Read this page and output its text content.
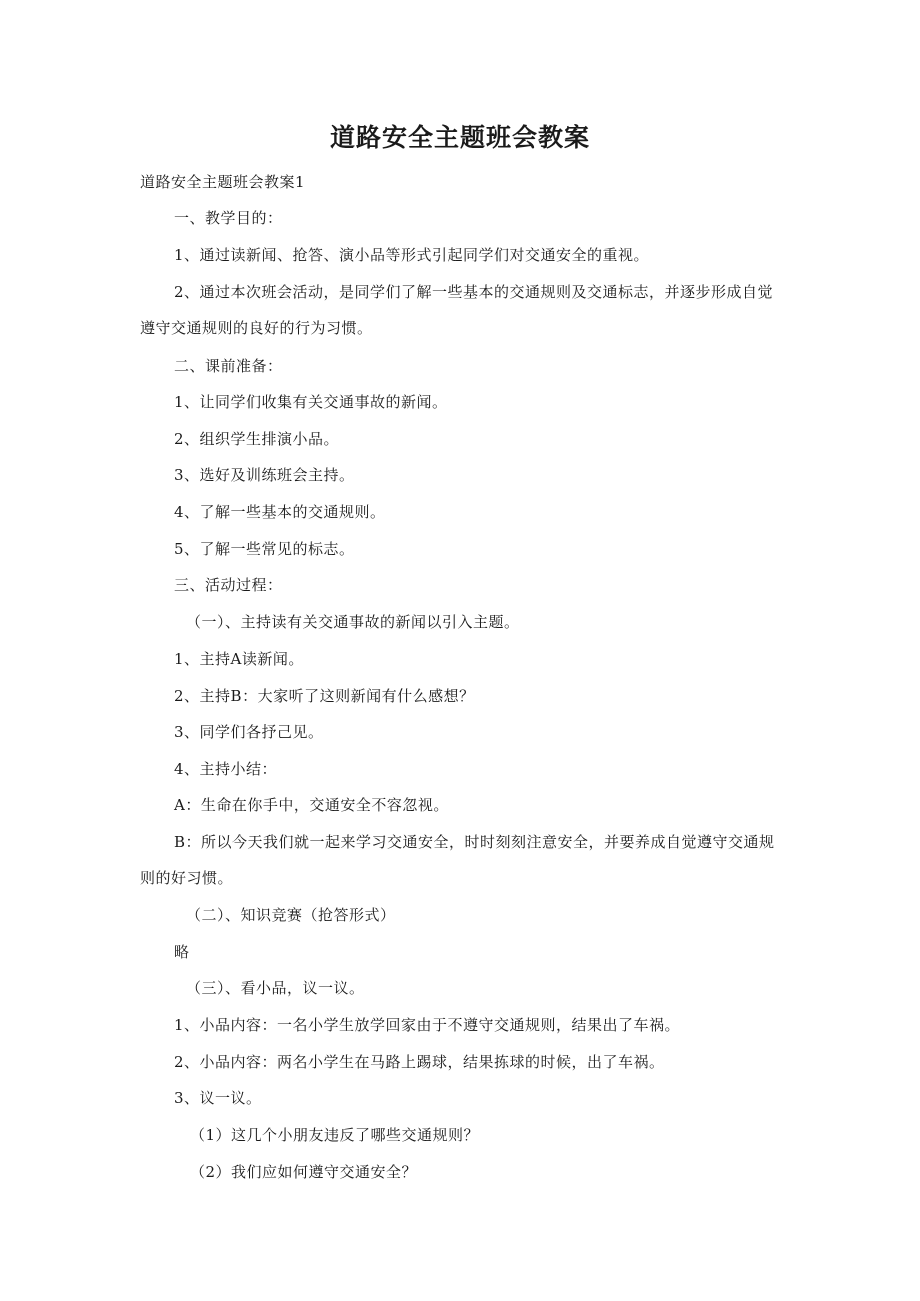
道路安全主题班会教案
道路安全主题班会教案1
一、教学目的：
1、通过读新闻、抢答、演小品等形式引起同学们对交通安全的重视。
2、通过本次班会活动，是同学们了解一些基本的交通规则及交通标志，并逐步形成自觉
遵守交通规则的良好的行为习惯。
二、课前准备：
1、让同学们收集有关交通事故的新闻。
2、组织学生排演小品。
3、选好及训练班会主持。
4、了解一些基本的交通规则。
5、了解一些常见的标志。
三、活动过程：
（一）、主持读有关交通事故的新闻以引入主题。
1、主持A读新闻。
2、主持B：大家听了这则新闻有什么感想？
3、同学们各抒己见。
4、主持小结：
A：生命在你手中，交通安全不容忽视。
B：所以今天我们就一起来学习交通安全，时时刻刻注意安全，并要养成自觉遵守交通规
则的好习惯。
（二）、知识竞赛（抢答形式）
略
（三）、看小品，议一议。
1、小品内容：一名小学生放学回家由于不遵守交通规则，结果出了车祸。
2、小品内容：两名小学生在马路上踢球，结果拣球的时候，出了车祸。
3、议一议。
（1）这几个小朋友违反了哪些交通规则？
（2）我们应如何遵守交通安全？
